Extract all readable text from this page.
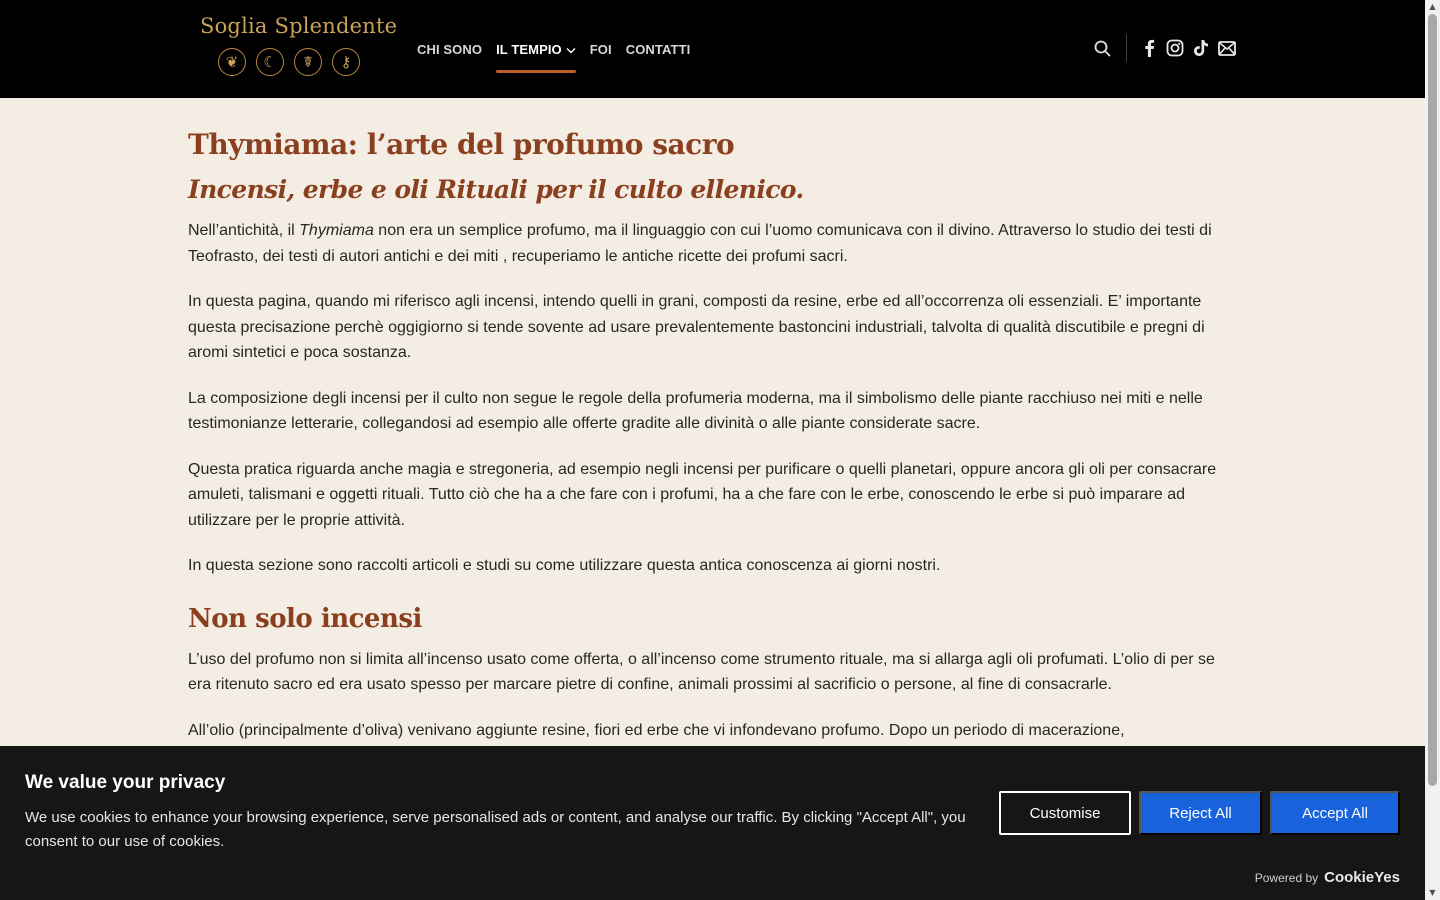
Soglia Splendente
❦	☾	☤	⚷
CHI SONO IL TEMPIO FOI CONTATTI
Thymiama: l’arte del profumo sacro
Incensi, erbe e oli Rituali per il culto ellenico.

Nell’antichità, il Thymiama non era un semplice profumo, ma il linguaggio con cui l’uomo comunicava con il divino. Attraverso lo studio dei testi di Teofrasto, dei testi di autori antichi e dei miti , recuperiamo le antiche ricette dei profumi sacri.

In questa pagina, quando mi riferisco agli incensi, intendo quelli in grani, composti da resine, erbe ed all’occorrenza oli essenziali. E’ importante questa precisazione perchè oggigiorno si tende sovente ad usare prevalentemente bastoncini industriali, talvolta di qualità discutibile e pregni di aromi sintetici e poca sostanza.

La composizione degli incensi per il culto non segue le regole della profumeria moderna, ma il simbolismo delle piante racchiuso nei miti e nelle testimonianze letterarie, collegandosi ad esempio alle offerte gradite alle divinità o alle piante considerate sacre.

Questa pratica riguarda anche magia e stregoneria, ad esempio negli incensi per purificare o quelli planetari, oppure ancora gli oli per consacrare amuleti, talismani e oggetti rituali. Tutto ciò che ha a che fare con i profumi, ha a che fare con le erbe, conoscendo le erbe si può imparare ad utilizzare per le proprie attività.

In questa sezione sono raccolti articoli e studi su come utilizzare questa antica conoscenza ai giorni nostri.

Non solo incensi

L’uso del profumo non si limita all’incenso usato come offerta, o all’incenso come strumento rituale, ma si allarga agli oli profumati. L’olio di per se era ritenuto sacro ed era usato spesso per marcare pietre di confine, animali prossimi al sacrificio o persone, al fine di consacrarle.

All’olio (principalmente d’oliva) venivano aggiunte resine, fiori ed erbe che vi infondevano profumo. Dopo un periodo di macerazione,

We value your privacy
We use cookies to enhance your browsing experience, serve personalised ads or content, and analyse our traffic. By clicking "Accept All", you consent to our use of cookies.
Customise	Reject All	Accept All
Powered by CookieYes
▲
▼
